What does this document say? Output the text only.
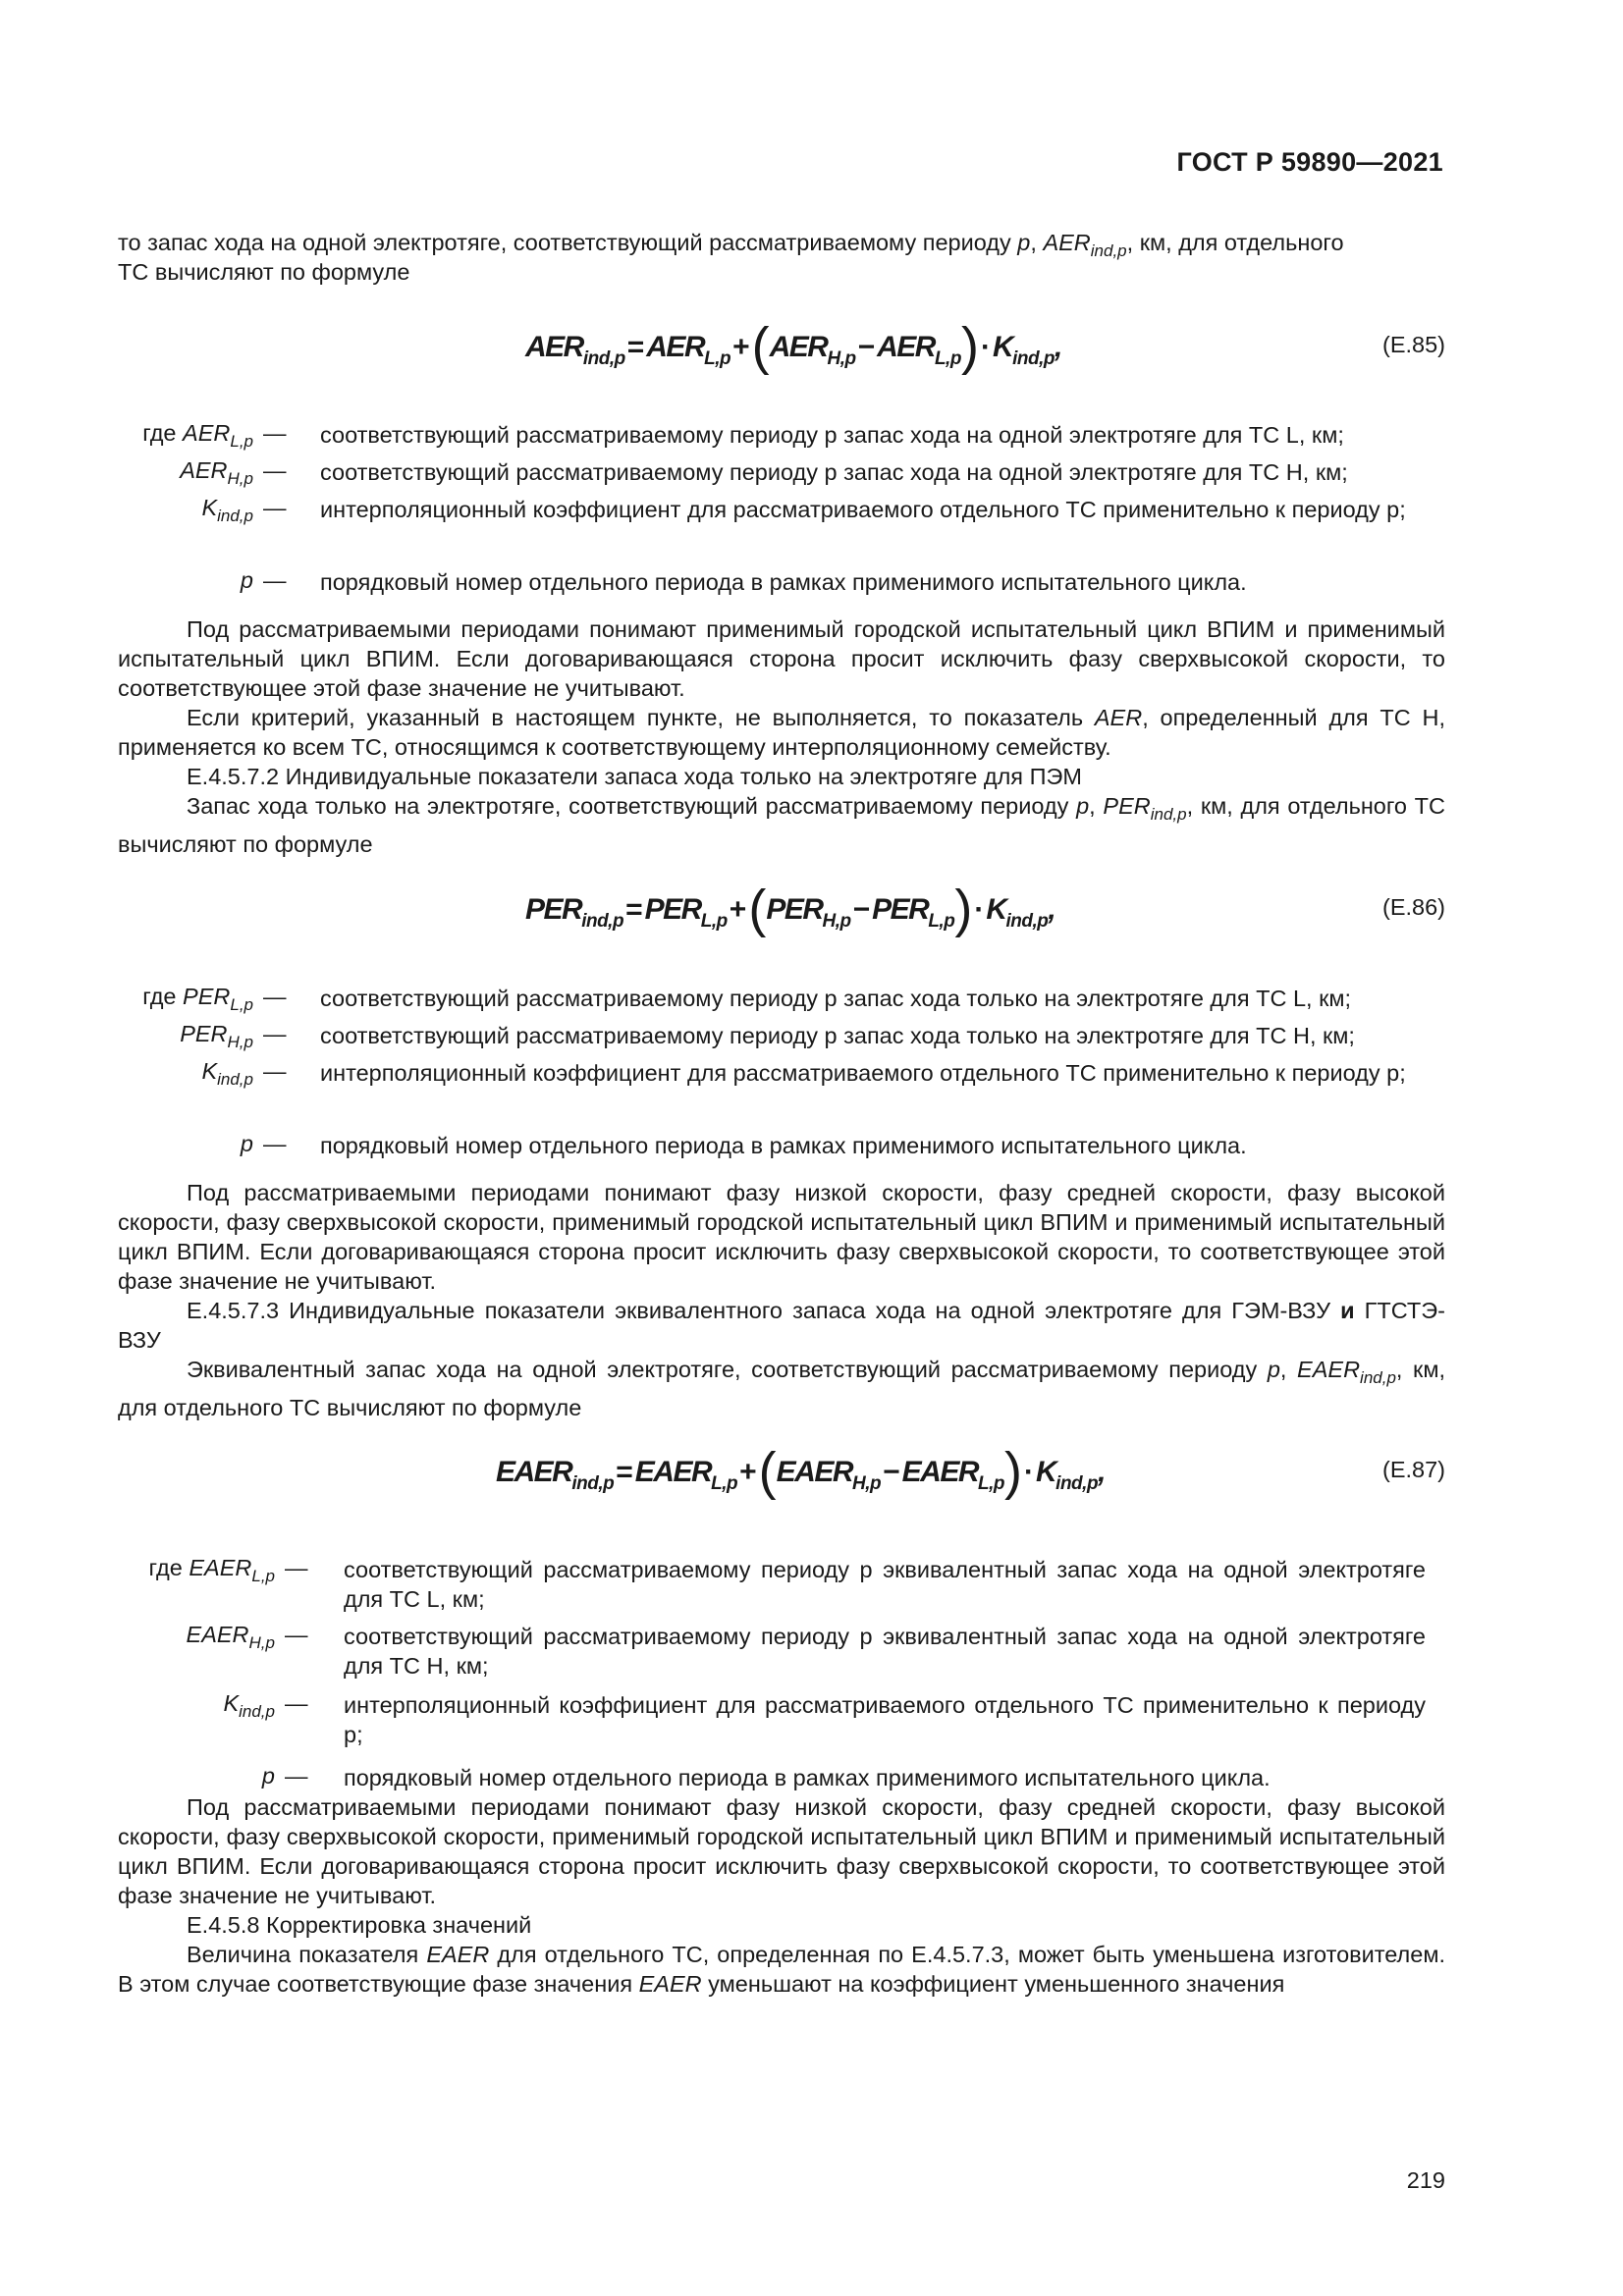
ГОСТ Р 59890—2021
то запас хода на одной электротяге, соответствующий рассматриваемому периоду p, $AER_{ind,p}$, км, для отдельного
ТС вычисляют по формуле
$AER_{ind,p}=AER_{L,p}+(AER_{H,p}-AER_{L,p})\cdot K_{ind,p}$,	(E.85)
где $AER_{L,p}$ — соответствующий рассматриваемому периоду p запас хода на одной электротяге для ТС L, км;
$AER_{H,p}$ — соответствующий рассматриваемому периоду p запас хода на одной электротяге для ТС H, км;
$K_{ind,p}$ — интерполяционный коэффициент для рассматриваемого отдельного ТС применительно к периоду p;
p — порядковый номер отдельного периода в рамках применимого испытательного цикла.
Под рассматриваемыми периодами понимают применимый городской испытательный цикл ВПИМ и применимый испытательный цикл ВПИМ. Если договаривающаяся сторона просит исключить фазу сверхвысокой скорости, то соответствующее этой фазе значение не учитывают.
Если критерий, указанный в настоящем пункте, не выполняется, то показатель AER, определенный для ТС H, применяется ко всем ТС, относящимся к соответствующему интерполяционному семейству.
E.4.5.7.2 Индивидуальные показатели запаса хода только на электротяге для ПЭМ
Запас хода только на электротяге, соответствующий рассматриваемому периоду p, $PER_{ind,p}$, км, для отдельного ТС вычисляют по формуле
$PER_{ind,p}=PER_{L,p}+(PER_{H,p}-PER_{L,p})\cdot K_{ind,p}$,	(E.86)
где $PER_{L,p}$ — соответствующий рассматриваемому периоду p запас хода только на электротяге для ТС L, км;
$PER_{H,p}$ — соответствующий рассматриваемому периоду p запас хода только на электротяге для ТС H, км;
$K_{ind,p}$ — интерполяционный коэффициент для рассматриваемого отдельного ТС применительно к периоду p;
p — порядковый номер отдельного периода в рамках применимого испытательного цикла.
Под рассматриваемыми периодами понимают фазу низкой скорости, фазу средней скорости, фазу высокой скорости, фазу сверхвысокой скорости, применимый городской испытательный цикл ВПИМ и применимый испытательный цикл ВПИМ. Если договаривающаяся сторона просит исключить фазу сверхвысокой скорости, то соответствующее этой фазе значение не учитывают.
E.4.5.7.3 Индивидуальные показатели эквивалентного запаса хода на одной электротяге для ГЭМ-ВЗУ и ГТСТЭ-ВЗУ
Эквивалентный запас хода на одной электротяге, соответствующий рассматриваемому периоду p, $EAER_{ind,p}$, км, для отдельного ТС вычисляют по формуле
$EAER_{ind,p}=EAER_{L,p}+(EAER_{H,p}-EAER_{L,p})\cdot K_{ind,p}$,	(E.87)
где $EAER_{L,p}$ — соответствующий рассматриваемому периоду p эквивалентный запас хода на одной электротяге для ТС L, км;
$EAER_{H,p}$ — соответствующий рассматриваемому периоду p эквивалентный запас хода на одной электротяге для ТС H, км;
$K_{ind,p}$ — интерполяционный коэффициент для рассматриваемого отдельного ТС применительно к периоду p;
p — порядковый номер отдельного периода в рамках применимого испытательного цикла.
Под рассматриваемыми периодами понимают фазу низкой скорости, фазу средней скорости, фазу высокой скорости, фазу сверхвысокой скорости, применимый городской испытательный цикл ВПИМ и применимый испытательный цикл ВПИМ. Если договаривающаяся сторона просит исключить фазу сверхвысокой скорости, то соответствующее этой фазе значение не учитывают.
E.4.5.8 Корректировка значений
Величина показателя EAER для отдельного ТС, определенная по E.4.5.7.3, может быть уменьшена изготовителем. В этом случае соответствующие фазе значения EAER уменьшают на коэффициент уменьшенного значения
219
